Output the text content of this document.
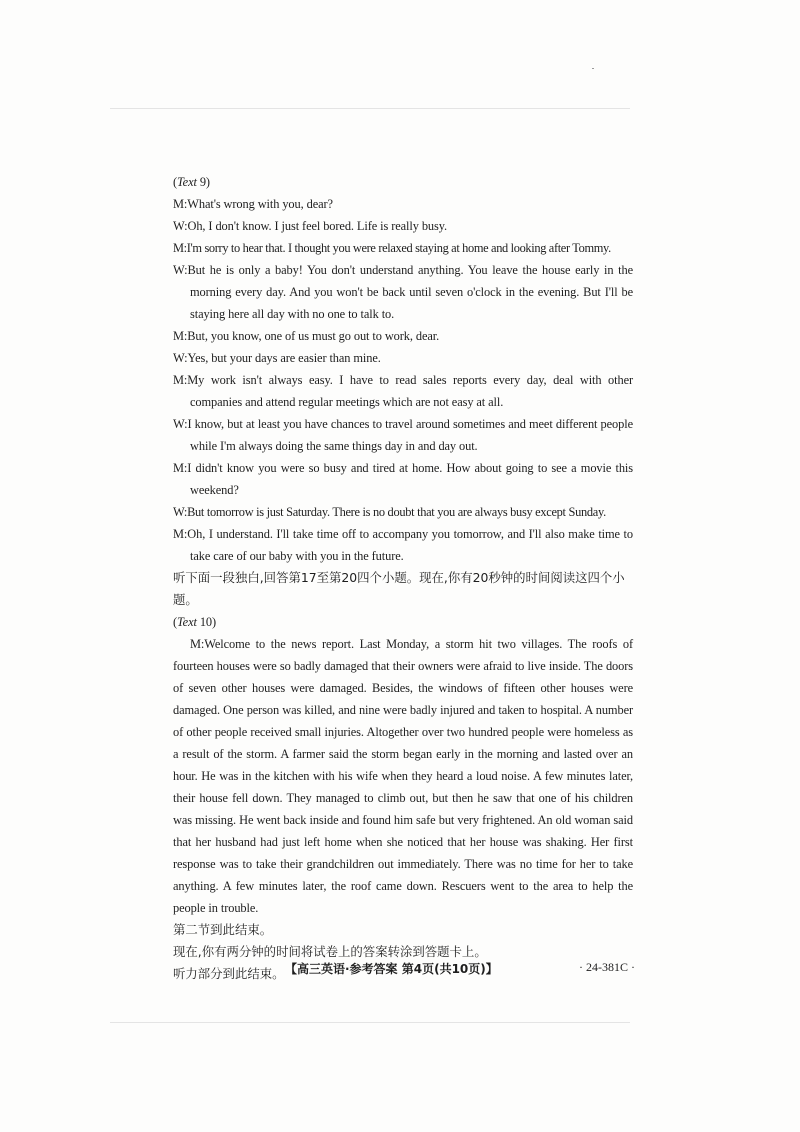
(Text 9)

M:What's wrong with you, dear?

W:Oh, I don't know. I just feel bored. Life is really busy.

M:I'm sorry to hear that. I thought you were relaxed staying at home and looking after Tommy.

W:But he is only a baby! You don't understand anything. You leave the house early in the morning every day. And you won't be back until seven o'clock in the evening. But I'll be staying here all day with no one to talk to.

M:But, you know, one of us must go out to work, dear.

W:Yes, but your days are easier than mine.

M:My work isn't always easy. I have to read sales reports every day, deal with other companies and attend regular meetings which are not easy at all.

W:I know, but at least you have chances to travel around sometimes and meet different people while I'm always doing the same things day in and day out.

M:I didn't know you were so busy and tired at home. How about going to see a movie this weekend?

W:But tomorrow is just Saturday. There is no doubt that you are always busy except Sunday.

M:Oh, I understand. I'll take time off to accompany you tomorrow, and I'll also make time to take care of our baby with you in the future.

听下面一段独白,回答第17至第20四个小题。现在,你有20秒钟的时间阅读这四个小题。

(Text 10)

M:Welcome to the news report. Last Monday, a storm hit two villages. The roofs of fourteen houses were so badly damaged that their owners were afraid to live inside. The doors of seven other houses were damaged. Besides, the windows of fifteen other houses were damaged. One person was killed, and nine were badly injured and taken to hospital. A number of other people received small injuries. Altogether over two hundred people were homeless as a result of the storm. A farmer said the storm began early in the morning and lasted over an hour. He was in the kitchen with his wife when they heard a loud noise. A few minutes later, their house fell down. They managed to climb out, but then he saw that one of his children was missing. He went back inside and found him safe but very frightened. An old woman said that her husband had just left home when she noticed that her house was shaking. Her first response was to take their grandchildren out immediately. There was no time for her to take anything. A few minutes later, the roof came down. Rescuers went to the area to help the people in trouble.

第二节到此结束。

现在,你有两分钟的时间将试卷上的答案转涂到答题卡上。

听力部分到此结束。 【高三英语·参考答案 第4页(共10页)】	· 24-381C ·
